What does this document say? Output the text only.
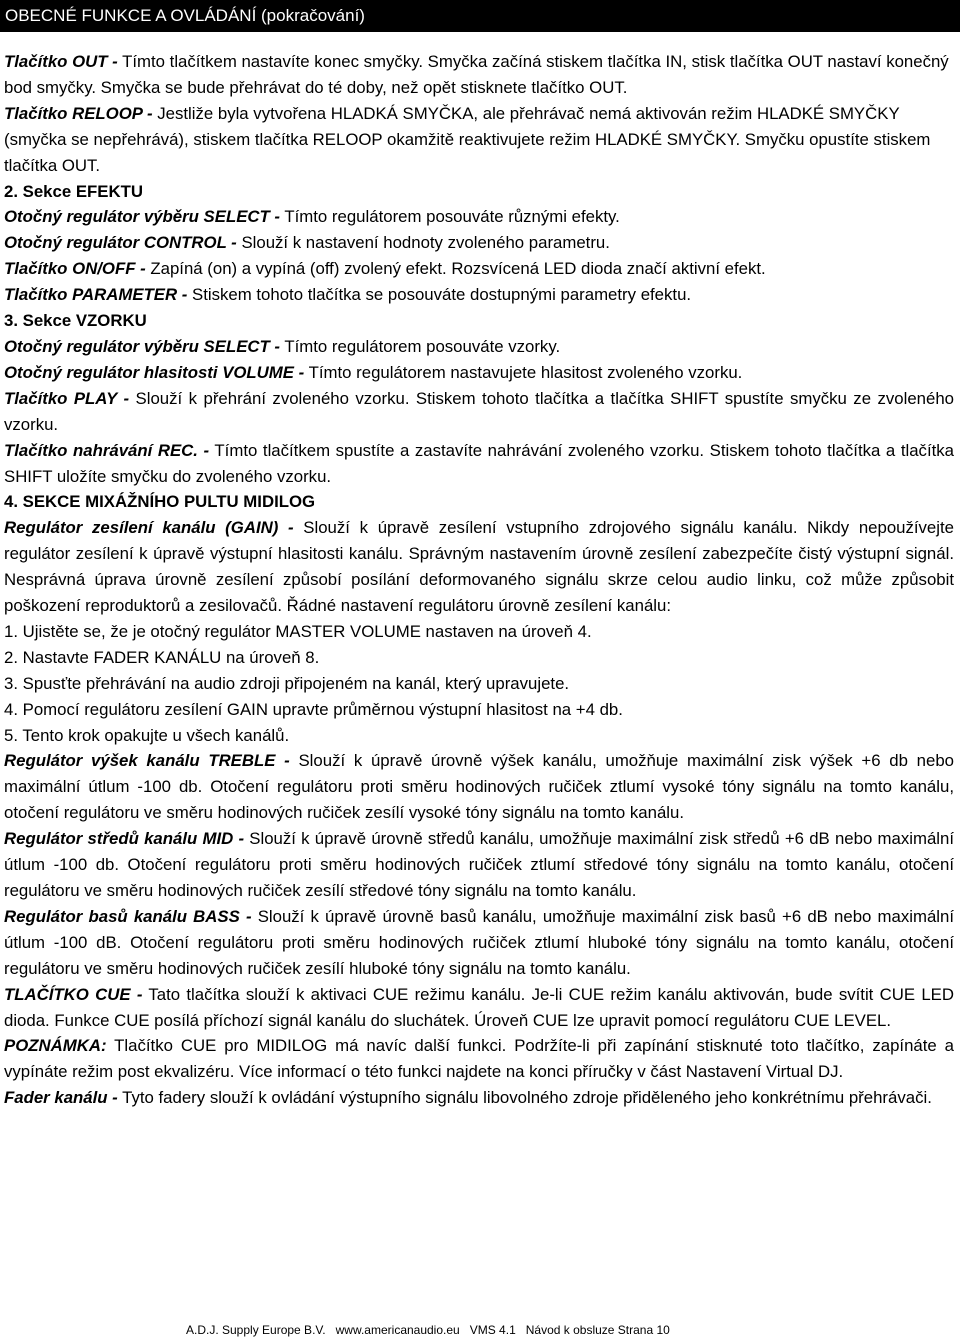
OBECNÉ FUNKCE A OVLÁDÁNÍ (pokračování)

Tlačítko OUT - Tímto tlačítkem nastavíte konec smyčky. Smyčka začíná stiskem tlačítka IN, stisk tlačítka OUT nastaví konečný bod smyčky. Smyčka se bude přehrávat do té doby, než opět stisknete tlačítko OUT.

Tlačítko RELOOP - Jestliže byla vytvořena HLADKÁ SMYČKA, ale přehrávač nemá aktivován režim HLADKÉ SMYČKY (smyčka se nepřehrává), stiskem tlačítka RELOOP okamžitě reaktivujete režim HLADKÉ SMYČKY. Smyčku opustíte stiskem tlačítka OUT.

2. Sekce EFEKTU

Otočný regulátor výběru SELECT - Tímto regulátorem posouváte různými efekty.

Otočný regulátor CONTROL - Slouží k nastavení hodnoty zvoleného parametru.

Tlačítko ON/OFF - Zapíná (on) a vypíná (off) zvolený efekt. Rozsvícená LED dioda značí aktivní efekt.

Tlačítko PARAMETER - Stiskem tohoto tlačítka se posouváte dostupnými parametry efektu.

3. Sekce VZORKU

Otočný regulátor výběru SELECT - Tímto regulátorem posouváte vzorky.

Otočný regulátor hlasitosti VOLUME - Tímto regulátorem nastavujete hlasitost zvoleného vzorku.

Tlačítko PLAY - Slouží k přehrání zvoleného vzorku. Stiskem tohoto tlačítka a tlačítka SHIFT spustíte smyčku ze zvoleného vzorku.

Tlačítko nahrávání REC. - Tímto tlačítkem spustíte a zastavíte nahrávání zvoleného vzorku. Stiskem tohoto tlačítka a tlačítka SHIFT uložíte smyčku do zvoleného vzorku.

4. SEKCE MIXÁŽNÍHO PULTU MIDILOG

Regulátor zesílení kanálu (GAIN) - Slouží k úpravě zesílení vstupního zdrojového signálu kanálu. Nikdy nepoužívejte regulátor zesílení k úpravě výstupní hlasitosti kanálu. Správným nastavením úrovně zesílení zabezpečíte čistý výstupní signál. Nesprávná úprava úrovně zesílení způsobí posílání deformovaného signálu skrze celou audio linku, což může způsobit poškození reproduktorů a zesilovačů. Řádné nastavení regulátoru úrovně zesílení kanálu:

1. Ujistěte se, že je otočný regulátor MASTER VOLUME nastaven na úroveň 4.

2. Nastavte FADER KANÁLU na úroveň 8.

3. Spusťte přehrávání na audio zdroji připojeném na kanál, který upravujete.

4. Pomocí regulátoru zesílení GAIN upravte průměrnou výstupní hlasitost na +4 db.

5. Tento krok opakujte u všech kanálů.

Regulátor výšek kanálu TREBLE - Slouží k úpravě úrovně výšek kanálu, umožňuje maximální zisk výšek +6 db nebo maximální útlum -100 db. Otočení regulátoru proti směru hodinových ručiček ztlumí vysoké tóny signálu na tomto kanálu, otočení regulátoru ve směru hodinových ručiček zesílí vysoké tóny signálu na tomto kanálu.

Regulátor středů kanálu MID - Slouží k úpravě úrovně středů kanálu, umožňuje maximální zisk středů +6 dB nebo maximální útlum -100 db. Otočení regulátoru proti směru hodinových ručiček ztlumí středové tóny signálu na tomto kanálu, otočení regulátoru ve směru hodinových ručiček zesílí středové tóny signálu na tomto kanálu.

Regulátor basů kanálu BASS - Slouží k úpravě úrovně basů kanálu, umožňuje maximální zisk basů +6 dB nebo maximální útlum -100 dB. Otočení regulátoru proti směru hodinových ručiček ztlumí hluboké tóny signálu na tomto kanálu, otočení regulátoru ve směru hodinových ručiček zesílí hluboké tóny signálu na tomto kanálu.

TLAČÍTKO CUE - Tato tlačítka slouží k aktivaci CUE režimu kanálu. Je-li CUE režim kanálu aktivován, bude svítit CUE LED dioda. Funkce CUE posílá příchozí signál kanálu do sluchátek. Úroveň CUE lze upravit pomocí regulátoru CUE LEVEL.

POZNÁMKA: Tlačítko CUE pro MIDILOG má navíc další funkci. Podržíte-li při zapínání stisknuté toto tlačítko, zapínáte a vypínáte režim post ekvalizéru. Více informací o této funkci najdete na konci příručky v část Nastavení Virtual DJ.

Fader kanálu - Tyto fadery slouží k ovládání výstupního signálu libovolného zdroje přiděleného jeho konkrétnímu přehrávači.

A.D.J. Supply Europe B.V. www.americanaudio.eu VMS 4.1 Návod k obsluze Strana 10
